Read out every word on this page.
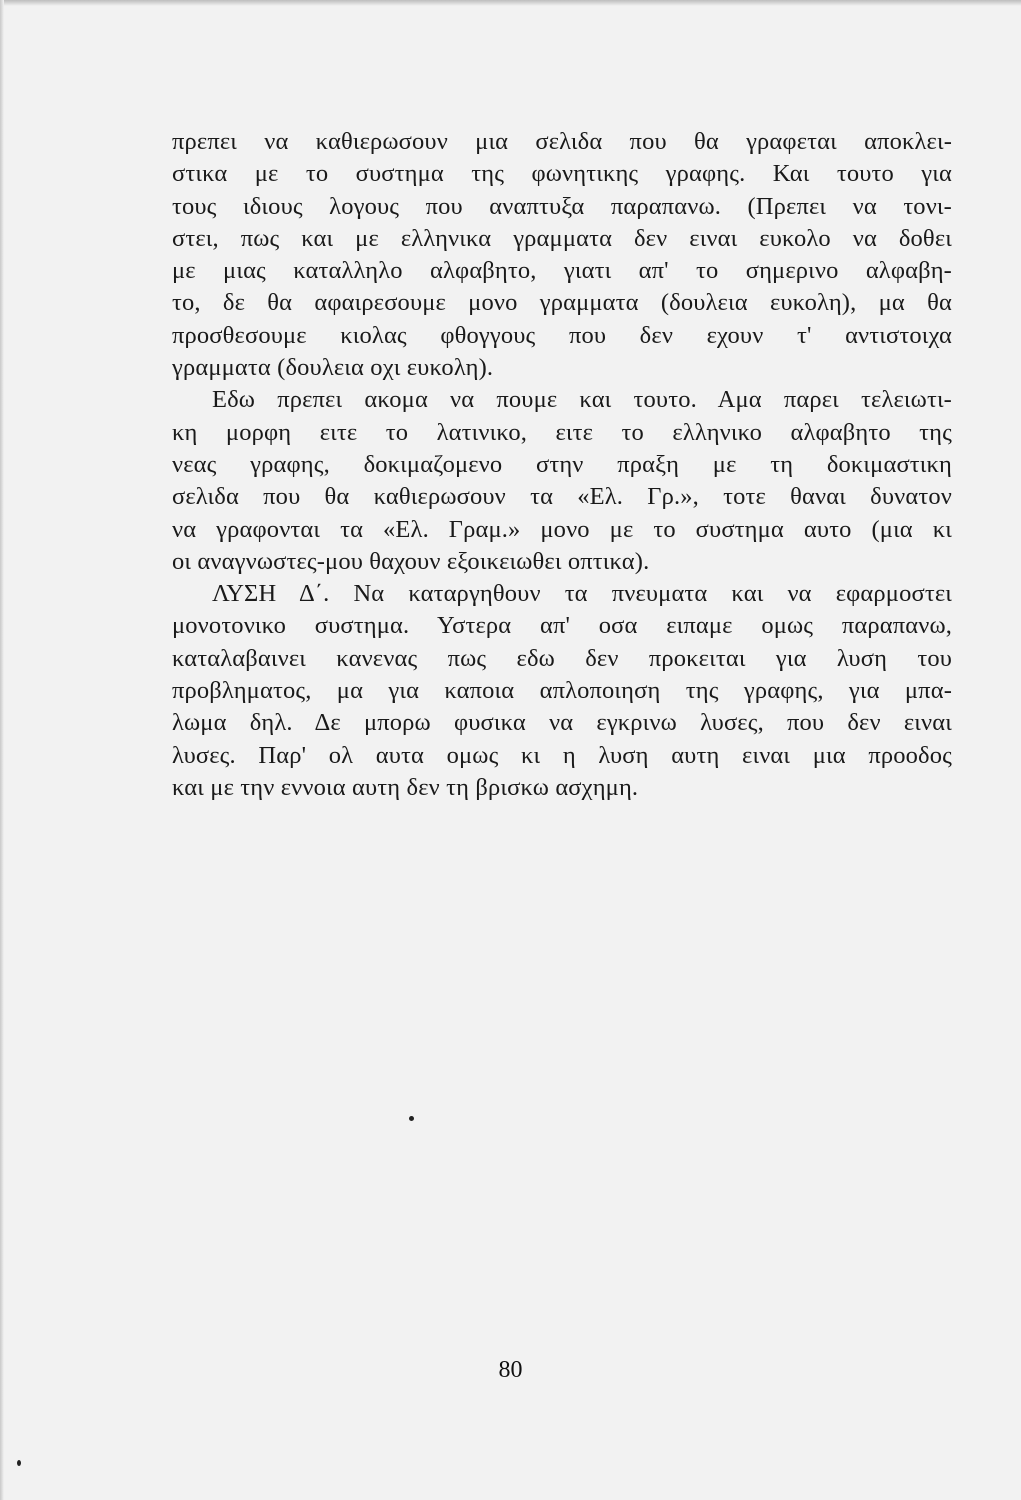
πρεπει να καθιερωσουν μια σελιδα που θα γραφεται αποκλει-
στικα με το συστημα της φωνητικης γραφης. Και τουτο για
τους ιδιους λογους που αναπτυξα παραπανω. (Πρεπει να τονι-
στει, πως και με ελληνικα γραμματα δεν ειναι ευκολο να δοθει
με μιας καταλληλο αλφαβητο, γιατι απ' το σημερινο αλφαβη-
το, δε θα αφαιρεσουμε μονο γραμματα (δουλεια ευκολη), μα θα
προσθεσουμε κιολας φθογγους που δεν εχουν τ' αντιστοιχα
γραμματα (δουλεια οχι ευκολη).
Εδω πρεπει ακομα να πουμε και τουτο. Αμα παρει τελειωτι-
κη μορφη ειτε το λατινικο, ειτε το ελληνικο αλφαβητο της
νεας γραφης, δοκιμαζομενο στην πραξη με τη δοκιμαστικη
σελιδα που θα καθιερωσουν τα «Ελ. Γρ.», τοτε θαναι δυνατον
να γραφονται τα «Ελ. Γραμ.» μονο με το συστημα αυτο (μια κι
οι αναγνωστες-μου θαχουν εξοικειωθει οπτικα).
ΛΥΣΗ Δ΄. Να καταργηθουν τα πνευματα και να εφαρμοστει
μονοτονικο συστημα. Υστερα απ' οσα ειπαμε ομως παραπανω,
καταλαβαινει κανενας πως εδω δεν προκειται για λυση του
προβληματος, μα για καποια απλοποιηση της γραφης, για μπα-
λωμα δηλ. Δε μπορω φυσικα να εγκρινω λυσες, που δεν ειναι
λυσες. Παρ' ολ αυτα ομως κι η λυση αυτη ειναι μια προοδος
και με την εννοια αυτη δεν τη βρισκω ασχημη.
80
